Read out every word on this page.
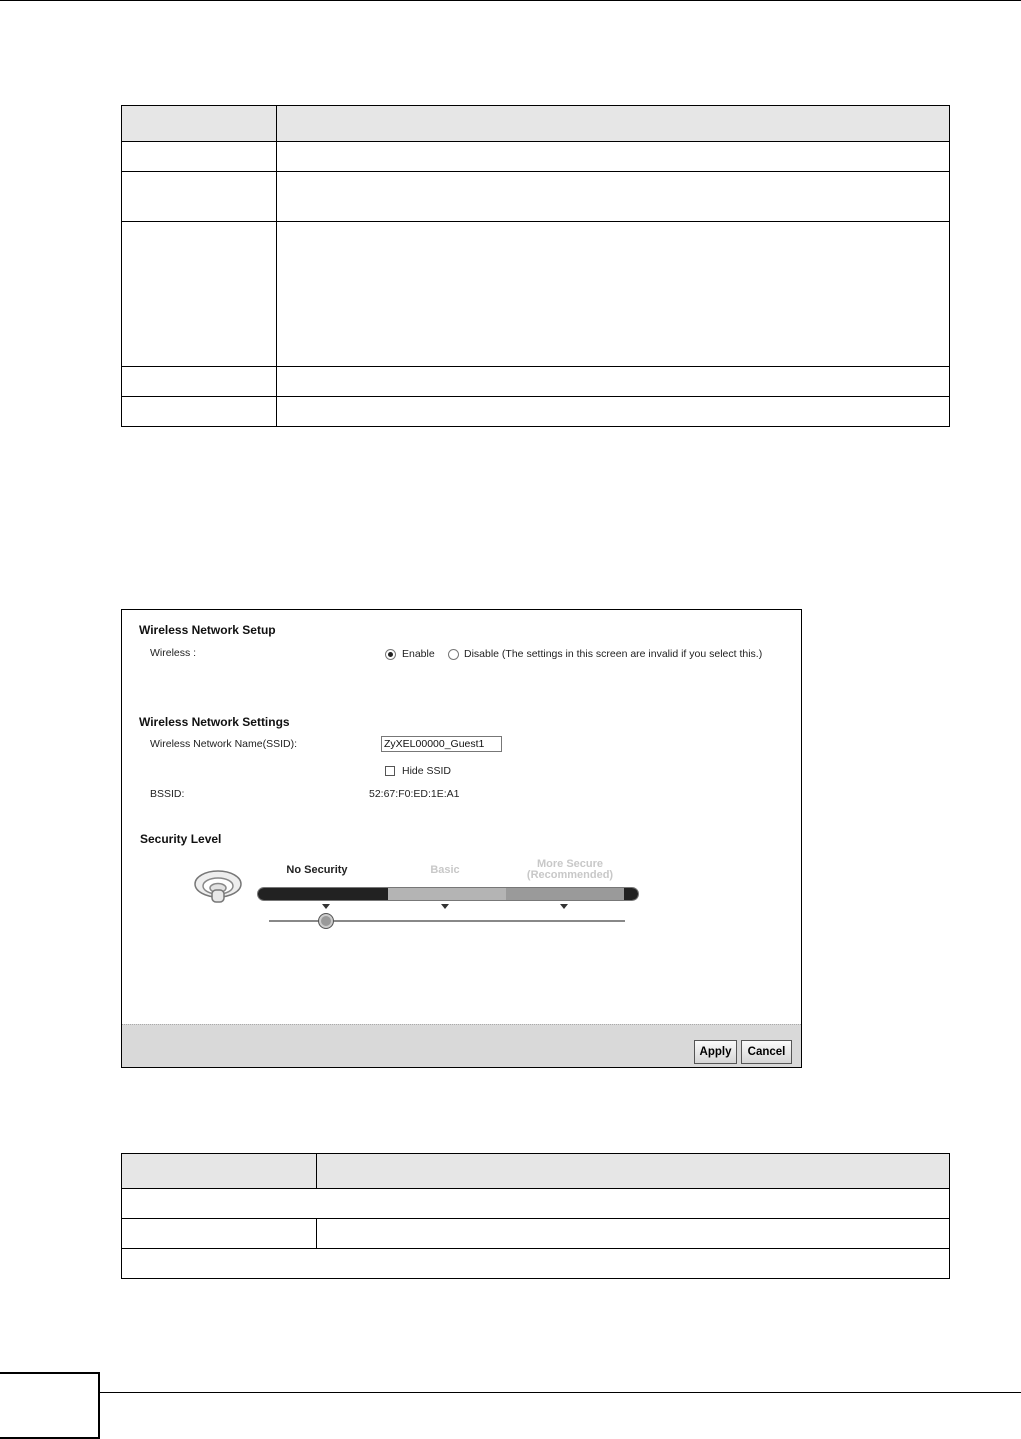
Wireless Network Setup
Wireless :	Enable	Disable (The settings in this screen are invalid if you select this.)
Wireless Network Settings
Wireless Network Name(SSID):
ZyXEL00000_Guest1
Hide SSID
BSSID:	52:67:F0:ED:1E:A1
Security Level
No Security	Basic	More Secure
(Recommended)
Apply	Cancel
